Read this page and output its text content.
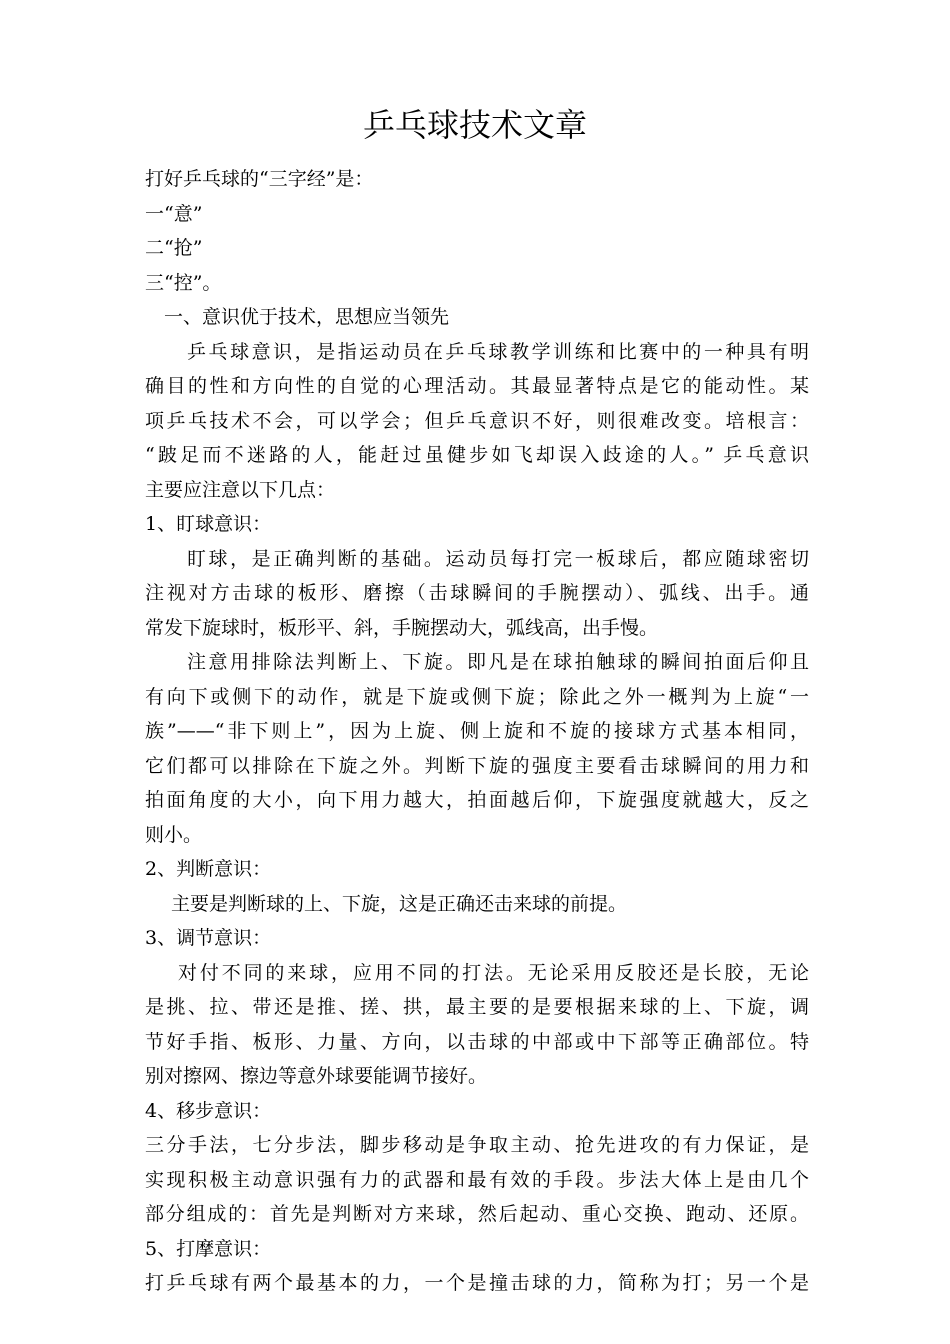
乒乓球技术文章
打好乒乓球的“三字经”是：
一“意”
二“抢”
三“控”。
一、意识优于技术，思想应当领先
乒乓球意识，是指运动员在乒乓球教学训练和比赛中的一种具有明
确目的性和方向性的自觉的心理活动。其最显著特点是它的能动性。某
项乒乓技术不会，可以学会；但乒乓意识不好，则很难改变。培根言：
“跛足而不迷路的人，能赶过虽健步如飞却误入歧途的人。” 乒乓意识
主要应注意以下几点：
1、盯球意识：
盯球，是正确判断的基础。运动员每打完一板球后，都应随球密切
注视对方击球的板形、磨擦（击球瞬间的手腕摆动）、弧线、出手。通
常发下旋球时，板形平、斜，手腕摆动大，弧线高，出手慢。
注意用排除法判断上、下旋。即凡是在球拍触球的瞬间拍面后仰且
有向下或侧下的动作，就是下旋或侧下旋；除此之外一概判为上旋“一
族”——“非下则上”，因为上旋、侧上旋和不旋的接球方式基本相同，
它们都可以排除在下旋之外。判断下旋的强度主要看击球瞬间的用力和
拍面角度的大小，向下用力越大，拍面越后仰，下旋强度就越大，反之
则小。
2、判断意识：
主要是判断球的上、下旋，这是正确还击来球的前提。
3、调节意识：
对付不同的来球，应用不同的打法。无论采用反胶还是长胶，无论
是挑、拉、带还是推、搓、拱，最主要的是要根据来球的上、下旋，调
节好手指、板形、力量、方向，以击球的中部或中下部等正确部位。特
别对擦网、擦边等意外球要能调节接好。
4、移步意识：
三分手法，七分步法，脚步移动是争取主动、抢先进攻的有力保证，是
实现积极主动意识强有力的武器和最有效的手段。步法大体上是由几个
部分组成的：首先是判断对方来球，然后起动、重心交换、跑动、还原。
5、打摩意识：
打乒乓球有两个最基本的力，一个是撞击球的力，简称为打；另一个是
